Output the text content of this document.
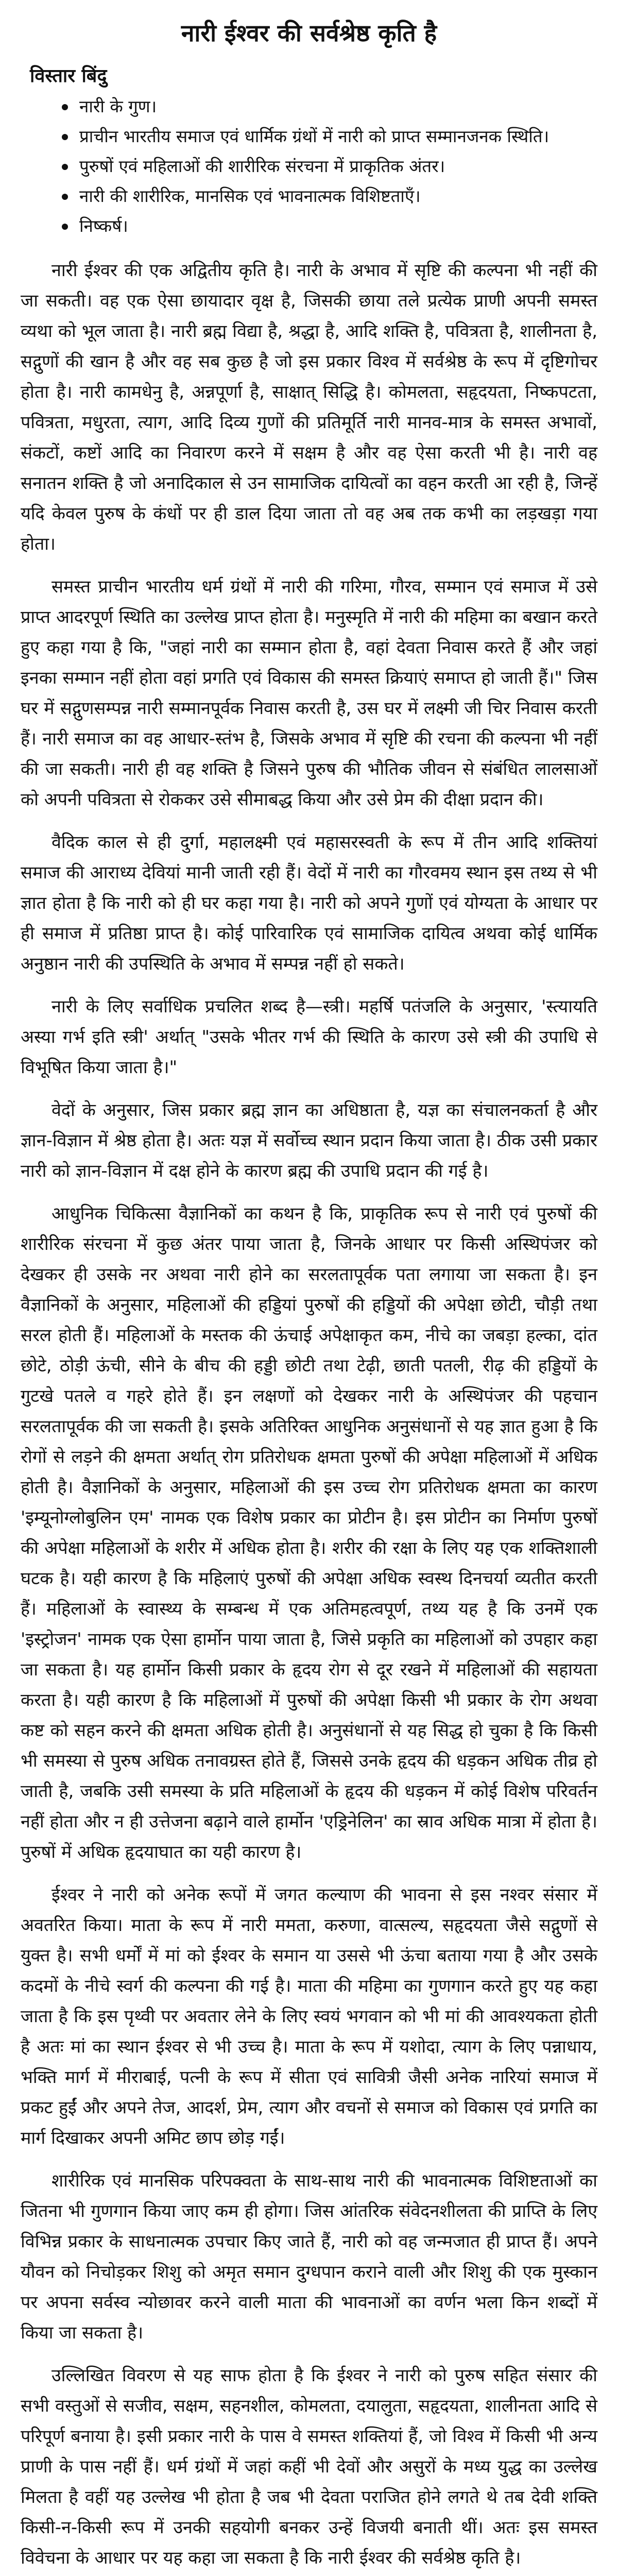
नारी ईश्वर की सर्वश्रेष्ठ कृति है
विस्तार बिंदु
नारी के गुण।
प्राचीन भारतीय समाज एवं धार्मिक ग्रंथों में नारी को प्राप्त सम्मानजनक स्थिति।
पुरुषों एवं महिलाओं की शारीरिक संरचना में प्राकृतिक अंतर।
नारी की शारीरिक, मानसिक एवं भावनात्मक विशिष्टताएँ।
निष्कर्ष।

नारी ईश्वर की एक अद्वितीय कृति है। नारी के अभाव में सृष्टि की कल्पना भी नहीं की जा सकती। वह एक ऐसा छायादार वृक्ष है, जिसकी छाया तले प्रत्येक प्राणी अपनी समस्त व्यथा को भूल जाता है। नारी ब्रह्म विद्या है, श्रद्धा है, आदि शक्ति है, पवित्रता है, शालीनता है, सद्गुणों की खान है और वह सब कुछ है जो इस प्रकार विश्व में सर्वश्रेष्ठ के रूप में दृष्टिगोचर होता है। नारी कामधेनु है, अन्नपूर्णा है, साक्षात् सिद्धि है। कोमलता, सहृदयता, निष्कपटता, पवित्रता, मधुरता, त्याग, आदि दिव्य गुणों की प्रतिमूर्ति नारी मानव-मात्र के समस्त अभावों, संकटों, कष्टों आदि का निवारण करने में सक्षम है और वह ऐसा करती भी है। नारी वह सनातन शक्ति है जो अनादिकाल से उन सामाजिक दायित्वों का वहन करती आ रही है, जिन्हें यदि केवल पुरुष के कंधों पर ही डाल दिया जाता तो वह अब तक कभी का लड़खड़ा गया होता।

समस्त प्राचीन भारतीय धर्म ग्रंथों में नारी की गरिमा, गौरव, सम्मान एवं समाज में उसे प्राप्त आदरपूर्ण स्थिति का उल्लेख प्राप्त होता है। मनुस्मृति में नारी की महिमा का बखान करते हुए कहा गया है कि, "जहां नारी का सम्मान होता है, वहां देवता निवास करते हैं और जहां इनका सम्मान नहीं होता वहां प्रगति एवं विकास की समस्त क्रियाएं समाप्त हो जाती हैं।" जिस घर में सद्गुणसम्पन्न नारी सम्मानपूर्वक निवास करती है, उस घर में लक्ष्मी जी चिर निवास करती हैं। नारी समाज का वह आधार-स्तंभ है, जिसके अभाव में सृष्टि की रचना की कल्पना भी नहीं की जा सकती। नारी ही वह शक्ति है जिसने पुरुष की भौतिक जीवन से संबंधित लालसाओं को अपनी पवित्रता से रोककर उसे सीमाबद्ध किया और उसे प्रेम की दीक्षा प्रदान की।

वैदिक काल से ही दुर्गा, महालक्ष्मी एवं महासरस्वती के रूप में तीन आदि शक्तियां समाज की आराध्य देवियां मानी जाती रही हैं। वेदों में नारी का गौरवमय स्थान इस तथ्य से भी ज्ञात होता है कि नारी को ही घर कहा गया है। नारी को अपने गुणों एवं योग्यता के आधार पर ही समाज में प्रतिष्ठा प्राप्त है। कोई पारिवारिक एवं सामाजिक दायित्व अथवा कोई धार्मिक अनुष्ठान नारी की उपस्थिति के अभाव में सम्पन्न नहीं हो सकते।

नारी के लिए सर्वाधिक प्रचलित शब्द है—स्त्री। महर्षि पतंजलि के अनुसार, 'स्त्यायति अस्या गर्भ इति स्त्री' अर्थात् "उसके भीतर गर्भ की स्थिति के कारण उसे स्त्री की उपाधि से विभूषित किया जाता है।"

वेदों के अनुसार, जिस प्रकार ब्रह्म ज्ञान का अधिष्ठाता है, यज्ञ का संचालनकर्ता है और ज्ञान-विज्ञान में श्रेष्ठ होता है। अतः यज्ञ में सर्वोच्च स्थान प्रदान किया जाता है। ठीक उसी प्रकार नारी को ज्ञान-विज्ञान में दक्ष होने के कारण ब्रह्म की उपाधि प्रदान की गई है।

आधुनिक चिकित्सा वैज्ञानिकों का कथन है कि, प्राकृतिक रूप से नारी एवं पुरुषों की शारीरिक संरचना में कुछ अंतर पाया जाता है, जिनके आधार पर किसी अस्थिपंजर को देखकर ही उसके नर अथवा नारी होने का सरलतापूर्वक पता लगाया जा सकता है। इन वैज्ञानिकों के अनुसार, महिलाओं की हड्डियां पुरुषों की हड्डियों की अपेक्षा छोटी, चौड़ी तथा सरल होती हैं। महिलाओं के मस्तक की ऊंचाई अपेक्षाकृत कम, नीचे का जबड़ा हल्का, दांत छोटे, ठोड़ी ऊंची, सीने के बीच की हड्डी छोटी तथा टेढ़ी, छाती पतली, रीढ़ की हड्डियों के गुटखे पतले व गहरे होते हैं। इन लक्षणों को देखकर नारी के अस्थिपंजर की पहचान सरलतापूर्वक की जा सकती है। इसके अतिरिक्त आधुनिक अनुसंधानों से यह ज्ञात हुआ है कि रोगों से लड़ने की क्षमता अर्थात् रोग प्रतिरोधक क्षमता पुरुषों की अपेक्षा महिलाओं में अधिक होती है। वैज्ञानिकों के अनुसार, महिलाओं की इस उच्च रोग प्रतिरोधक क्षमता का कारण 'इम्यूनोग्लोबुलिन एम' नामक एक विशेष प्रकार का प्रोटीन है। इस प्रोटीन का निर्माण पुरुषों की अपेक्षा महिलाओं के शरीर में अधिक होता है। शरीर की रक्षा के लिए यह एक शक्तिशाली घटक है। यही कारण है कि महिलाएं पुरुषों की अपेक्षा अधिक स्वस्थ दिनचर्या व्यतीत करती हैं। महिलाओं के स्वास्थ्य के सम्बन्ध में एक अतिमहत्वपूर्ण, तथ्य यह है कि उनमें एक 'इस्ट्रोजन' नामक एक ऐसा हार्मोन पाया जाता है, जिसे प्रकृति का महिलाओं को उपहार कहा जा सकता है। यह हार्मोन किसी प्रकार के हृदय रोग से दूर रखने में महिलाओं की सहायता करता है। यही कारण है कि महिलाओं में पुरुषों की अपेक्षा किसी भी प्रकार के रोग अथवा कष्ट को सहन करने की क्षमता अधिक होती है। अनुसंधानों से यह सिद्ध हो चुका है कि किसी भी समस्या से पुरुष अधिक तनावग्रस्त होते हैं, जिससे उनके हृदय की धड़कन अधिक तीव्र हो जाती है, जबकि उसी समस्या के प्रति महिलाओं के हृदय की धड़कन में कोई विशेष परिवर्तन नहीं होता और न ही उत्तेजना बढ़ाने वाले हार्मोन 'एड्रिनेलिन' का स्राव अधिक मात्रा में होता है। पुरुषों में अधिक हृदयाघात का यही कारण है।

ईश्वर ने नारी को अनेक रूपों में जगत कल्याण की भावना से इस नश्वर संसार में अवतरित किया। माता के रूप में नारी ममता, करुणा, वात्सल्य, सहृदयता जैसे सद्गुणों से युक्त है। सभी धर्मों में मां को ईश्वर के समान या उससे भी ऊंचा बताया गया है और उसके कदमों के नीचे स्वर्ग की कल्पना की गई है। माता की महिमा का गुणगान करते हुए यह कहा जाता है कि इस पृथ्वी पर अवतार लेने के लिए स्वयं भगवान को भी मां की आवश्यकता होती है अतः मां का स्थान ईश्वर से भी उच्च है। माता के रूप में यशोदा, त्याग के लिए पन्नाधाय, भक्ति मार्ग में मीराबाई, पत्नी के रूप में सीता एवं सावित्री जैसी अनेक नारियां समाज में प्रकट हुईं और अपने तेज, आदर्श, प्रेम, त्याग और वचनों से समाज को विकास एवं प्रगति का मार्ग दिखाकर अपनी अमिट छाप छोड़ गईं।

शारीरिक एवं मानसिक परिपक्वता के साथ-साथ नारी की भावनात्मक विशिष्टताओं का जितना भी गुणगान किया जाए कम ही होगा। जिस आंतरिक संवेदनशीलता की प्राप्ति के लिए विभिन्न प्रकार के साधनात्मक उपचार किए जाते हैं, नारी को वह जन्मजात ही प्राप्त हैं। अपने यौवन को निचोड़कर शिशु को अमृत समान दुग्धपान कराने वाली और शिशु की एक मुस्कान पर अपना सर्वस्व न्योछावर करने वाली माता की भावनाओं का वर्णन भला किन शब्दों में किया जा सकता है।

उल्लिखित विवरण से यह साफ होता है कि ईश्वर ने नारी को पुरुष सहित संसार की सभी वस्तुओं से सजीव, सक्षम, सहनशील, कोमलता, दयालुता, सहृदयता, शालीनता आदि से परिपूर्ण बनाया है। इसी प्रकार नारी के पास वे समस्त शक्तियां हैं, जो विश्व में किसी भी अन्य प्राणी के पास नहीं हैं। धर्म ग्रंथों में जहां कहीं भी देवों और असुरों के मध्य युद्ध का उल्लेख मिलता है वहीं यह उल्लेख भी होता है जब भी देवता पराजित होने लगते थे तब देवी शक्ति किसी-न-किसी रूप में उनकी सहयोगी बनकर उन्हें विजयी बनाती थीं। अतः इस समस्त विवेचना के आधार पर यह कहा जा सकता है कि नारी ईश्वर की सर्वश्रेष्ठ कृति है।
